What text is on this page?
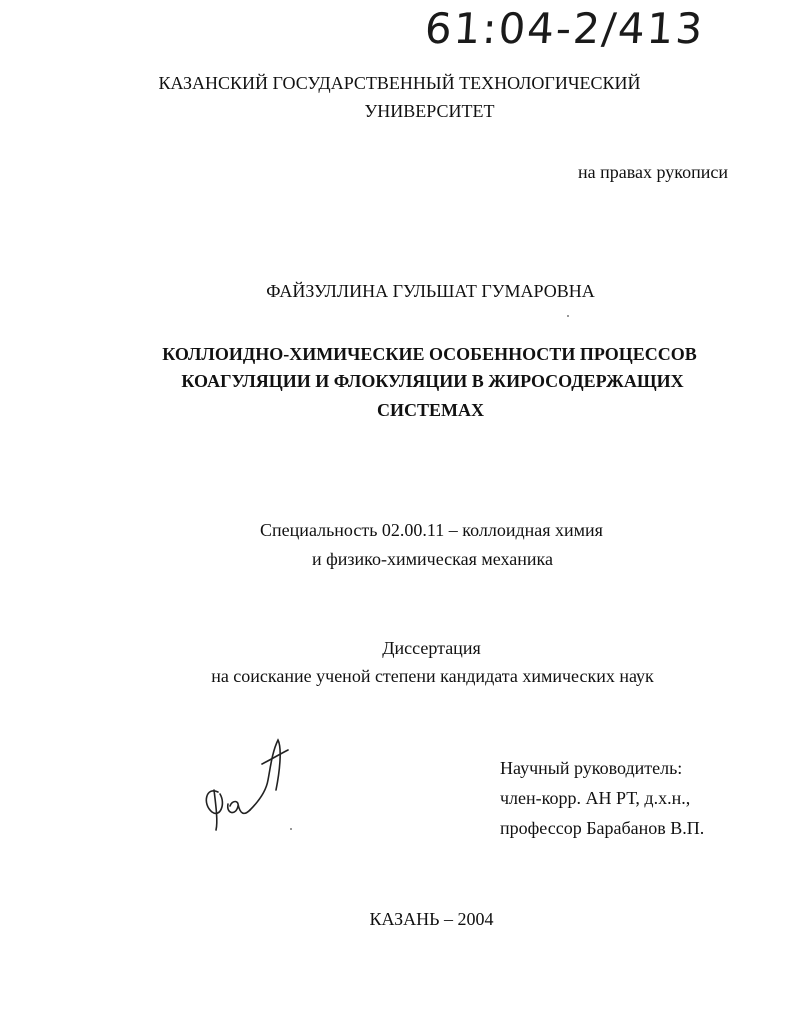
61:04-2/413
КАЗАНСКИЙ ГОСУДАРСТВЕННЫЙ ТЕХНОЛОГИЧЕСКИЙ
УНИВЕРСИТЕТ
на правах рукописи
ФАЙЗУЛЛИНА ГУЛЬШАТ ГУМАРОВНА
КОЛЛОИДНО-ХИМИЧЕСКИЕ ОСОБЕННОСТИ ПРОЦЕССОВ
КОАГУЛЯЦИИ И ФЛОКУЛЯЦИИ В ЖИРОСОДЕРЖАЩИХ
СИСТЕМАХ
Специальность 02.00.11 – коллоидная химия
и физико-химическая механика
Диссертация
на соискание ученой степени кандидата химических наук
Научный руководитель:
член-корр. АН РТ, д.х.н.,
профессор Барабанов В.П.
КАЗАНЬ – 2004
